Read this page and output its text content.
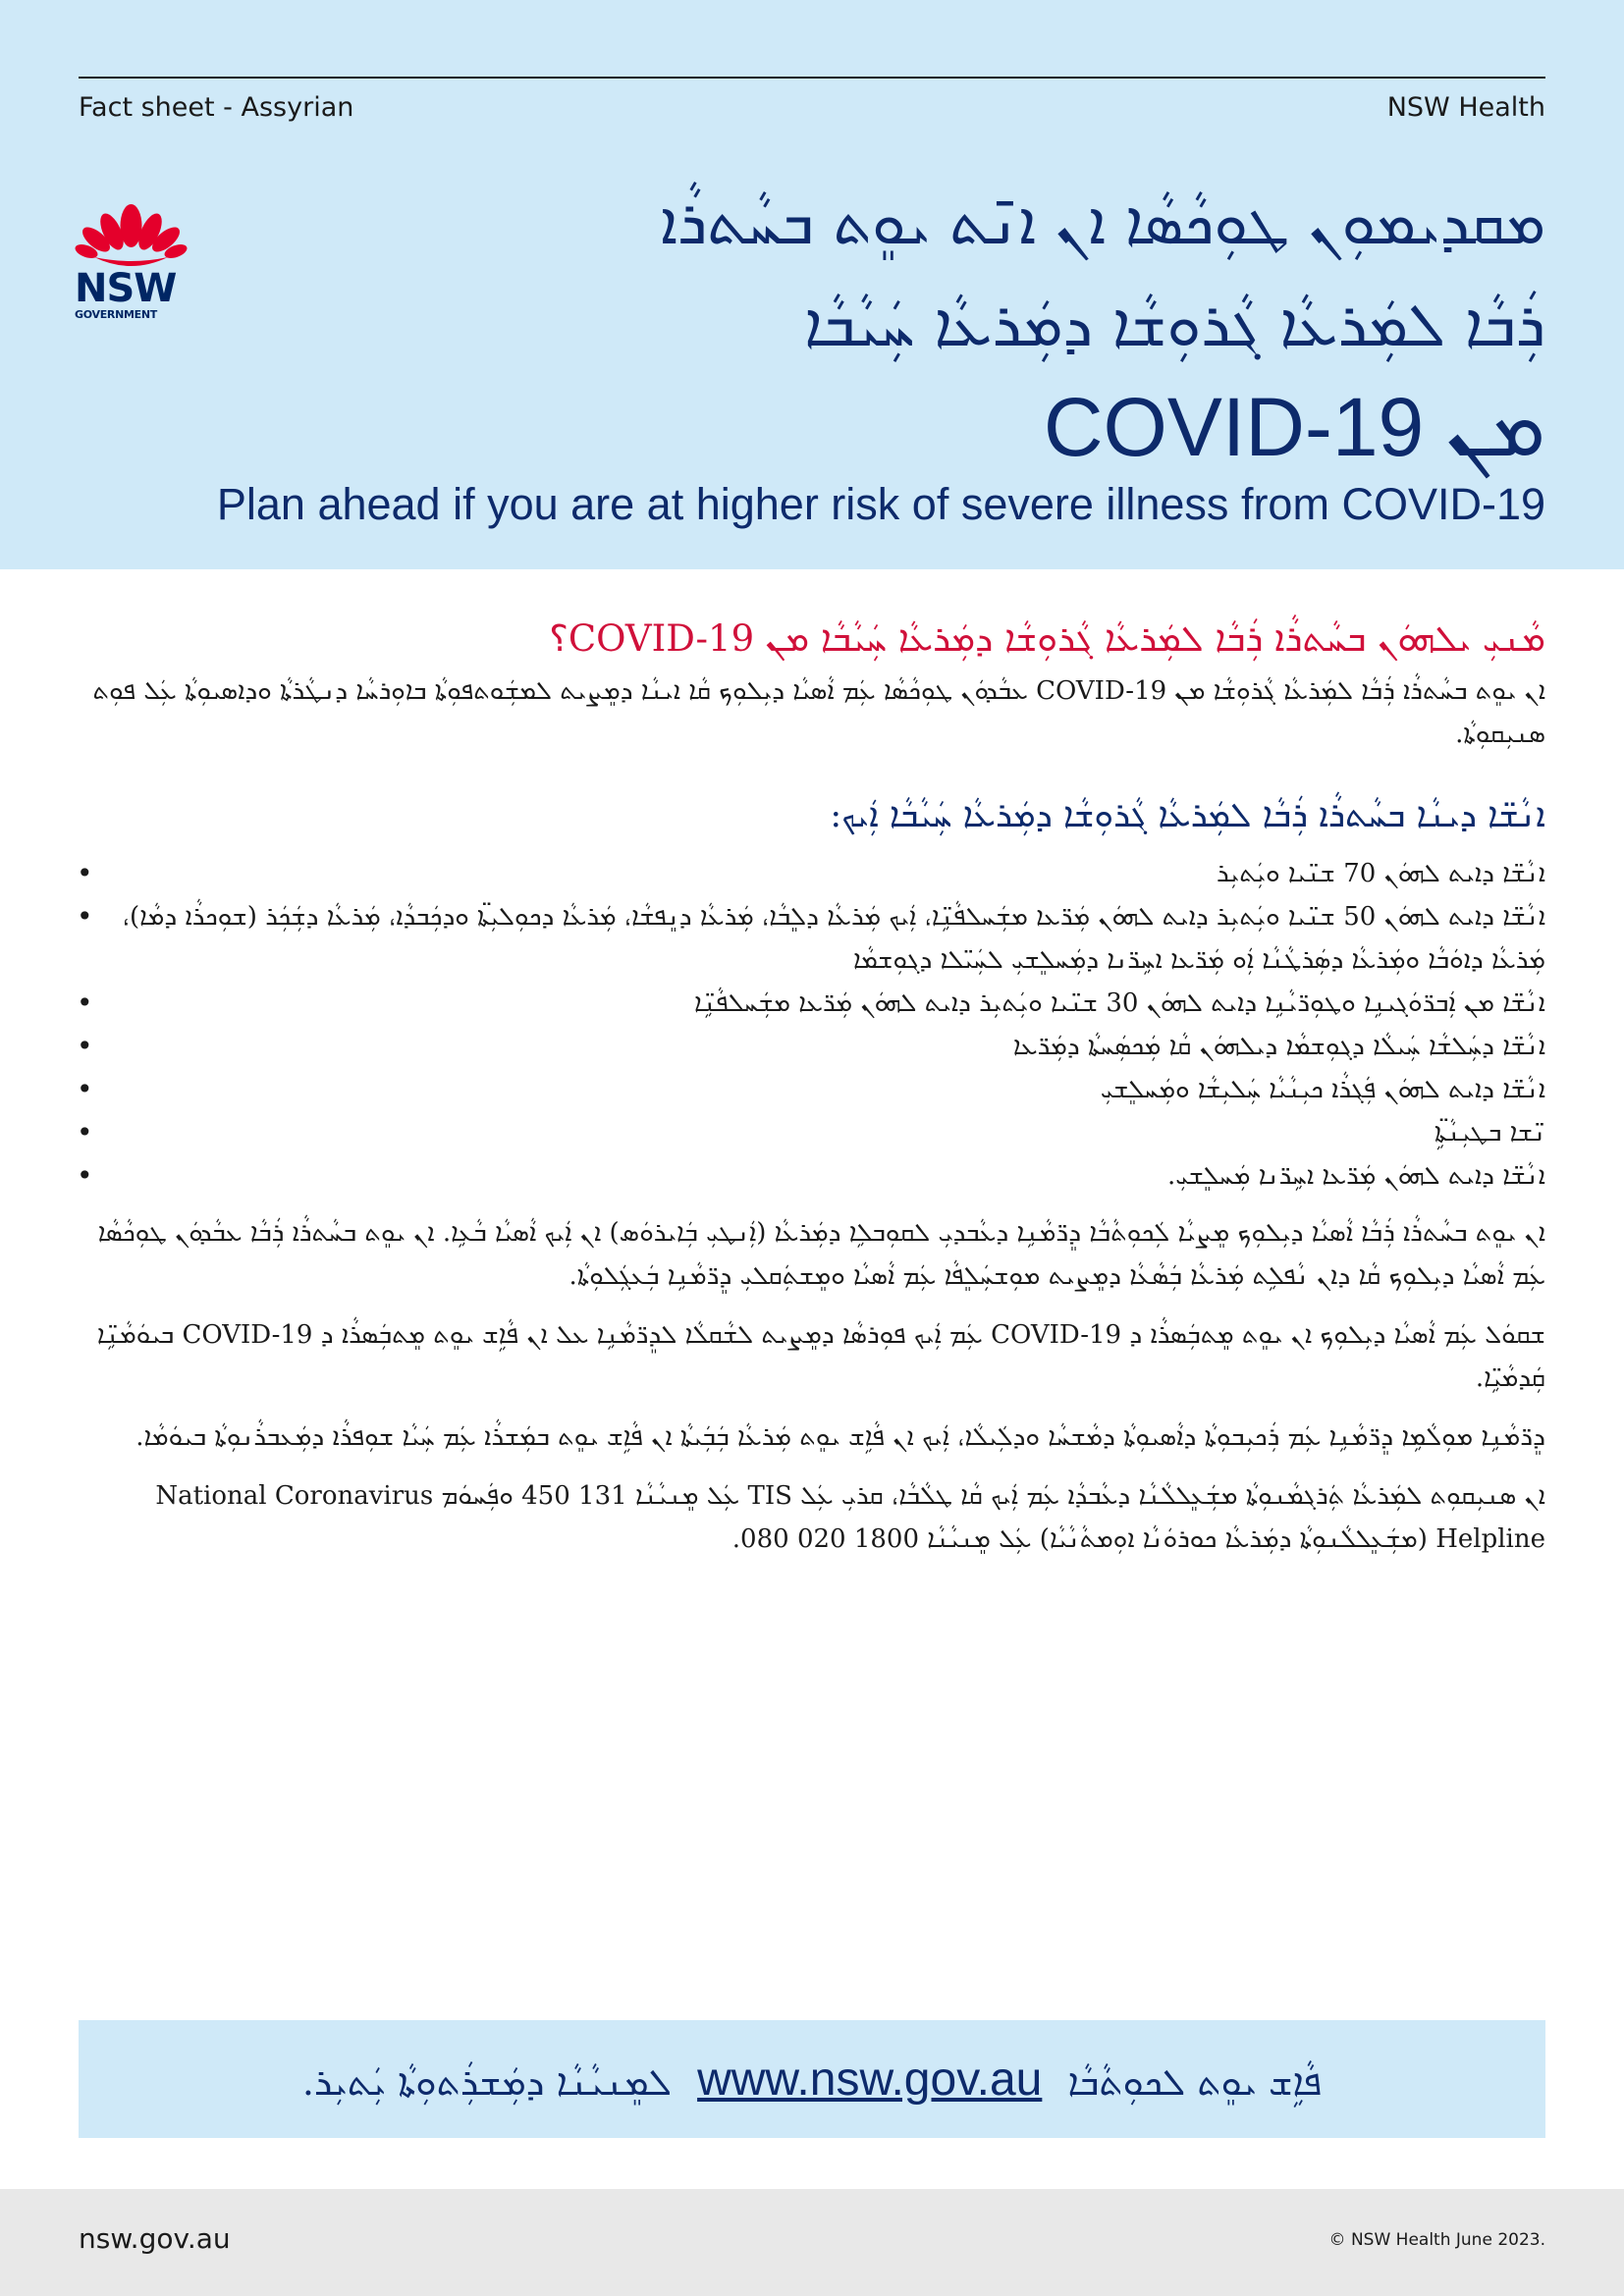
Fact sheet - Assyrian	NSW Health
NSW
GOVERNMENT
ܡܩܕܝܡܘܼܢ ܛܘܼܟܵܣܵܐ ܐܢ ܐܢ̄ܬ ܝܘܸܬ ܒܚܵܬܪܵܐ
ܪܲܒܵܐ ܠܡܲܪܥܵܐ ܓܵܪܘܼܫܵܐ ܕܡܲܪܥܵܐ ܚܲܝܵܒܵܐ
COVID-19 ܡܢ
Plan ahead if you are at higher risk of severe illness from COVID-19
ܡܵܢܝܼ ܝܠܗܘܿܢ ܒܚܵܬܪܵܐ ܪܲܒܵܐ ܠܡܲܪܥܵܐ ܓܵܪܘܼܫܵܐ ܕܡܲܪܥܵܐ ܚܲܝܵܒܵܐ ܡܢ COVID-19؟

ܐܢ ܝܘܸܬ ܒܚܵܬܪܵܐ ܪܲܒܵܐ ܠܡܲܪܥܵܐ ܓܵܪܘܼܫܵܐ ܡܢ COVID-19 ܥܒܵܕܘܿܢ ܛܘܼܟܵܣܵܐ ܥܲܡ ܐܵܣܝܵܐ ܕܝܼܠܘܼܟ ܩܵܐ ܐܝܢܵܐ ܕܡܸܨܝܬ ܠܡܫܲܘܬܦܘܼܬܵܐ ܒܐܘܼܪܚܵܐ ܕܢܛܵܪܬܵܐ ܘܕܐܣܝܘܼܬܵܐ ܥܲܠ ܦܘܼܬ ܣܢܝܼܩܘܼܬܵܐ.

ܐܢܵܫ̈ܐ ܕܝܢܵܐ ܒܚܵܬܪܵܐ ܪܲܒܵܐ ܠܡܲܪܥܵܐ ܓܵܪܘܼܫܵܐ ܕܡܲܪܥܵܐ ܚܲܝܵܒܵܐ ܐܲܝܟ:
ܐܢܵܫ̈ܐ ܕܐܝܬ ܠܗܘܿܢ 70 ܫܢ̈ܝܐ ܘܝܲܬܝܼܪ •
ܐܢܵܫ̈ܐ ܕܐܝܬ ܠܗܘܿܢ 50 ܫܢ̈ܝܐ ܘܝܲܬܝܼܪ ܕܐܝܬ ܠܗܘܿܢ ܡܲܪ̈ܥܐ ܡܫܲܚܠܦܵܢܹ̈ܐ، ܐܲܝܟ ܡܲܪܥܵܐ ܕܠܸܒܵܐ، ܡܲܪܥܵܐ ܕܢܸܦܫܵܐ، ܡܲܪܥܵܐ ܕܟܘܼܠܝܼܬ̈ܐ ܘܕܟܲܒܕܵܐ، ܡܲܪܥܵܐ ܕܫܲܟܲܪ (ܫܘܼܟܪܵܐ ܕܡܵܐ)، ܡܲܪܥܵܐ ܕܐܘܿܒܵܐ ܘܡܲܪܥܵܐ ܕܣܲܪܛܵܢܵܐ ܐܲܘ ܡܲܪ̈ܥܐ ܐܚܹܪ̈ܢܐ ܕܡܲܚܠܸܫܝܼ ܠܚܲܝ̈ܠܐ ܕܓܘܼܫܡܵܐ •
ܐܢܵܫ̈ܐ ܡܢ ܐܲܒܪ̈ܘܿܓܝܢܹܐ ܘܛܘܼܪ̈ܝܵܢܹܐ ܕܐܝܬ ܠܗܘܿܢ 30 ܫܢ̈ܝܐ ܘܝܲܬܝܼܪ ܕܐܝܬ ܠܗܘܿܢ ܡܲܪ̈ܥܐ ܡܫܲܚܠܦܵܢܹ̈ܐ •
ܐܢܵܫ̈ܐ ܕܚܲܠܫܵܐ ܚܲܝܠܵܐ ܕܓܘܼܫܡܵܐ ܕܝܠܗܘܿܢ ܩܵܐ ܡܲܟܣܲܚܬܵܐ ܕܡܲܪ̈ܥܐ •
ܐܢܵܫ̈ܐ ܕܐܝܬ ܠܗܘܿܢ ܦܲܓܪܵܐ ܟܝܼܢܵܝܵܐ ܚܲܠܝܼܫܵܐ ܘܡܲܚܠܸܫܝܼ •
ܢ̈ܫܐ ܒܛܝܼܢܵܬܹ̈ܐ •
ܐܢܵܫ̈ܐ ܕܐܝܬ ܠܗܘܿܢ ܡܲܪ̈ܥܐ ܐܚܹܪ̈ܢܐ ܡܲܚܠܸܫܝܼ. •

ܐܢ ܝܘܸܬ ܒܚܵܬܪܵܐ ܪܲܒܵܐ ܐܵܣܝܵܐ ܕܝܼܠܘܼܟ ܡܸܨܝܵܐ ܠܲܟܘܼܬܵܒܵܐ ܕܸܪ̈ܡܵܢܹܐ ܕܥܵܒܕܝܼ ܠܩܘܼܒܠܹܐ ܕܡܲܪܥܵܐ (ܐܲܢܛܝܼ ܒܲܐܝܪܘܿܣ) ܐܢ ܐܲܝܟ ܐܵܣܝܵܐ ܒܵܥܹܐ. ܐܢ ܝܘܸܬ ܒܚܵܬܪܵܐ ܪܲܒܵܐ ܥܒܵܕܘܿܢ ܛܘܼܟܵܣܵܐ ܥܲܡ ܐܵܣܝܵܐ ܕܝܼܠܘܼܟ ܩܵܐ ܕܐܢ ܢܵܦܠܹܬ ܡܲܪܥܵܐ ܒܲܣܵܥܵܐ ܕܡܸܨܝܬ ܡܘܼܫܚܲܠܸܦܵܐ ܥܲܡ ܐܵܣܝܵܐ ܘܡܸܫܬܲܩܠܝܼ ܕܸܪ̈ܡܵܢܹܐ ܒܲܥܓܲܠܘܼܬܵܐ.

ܫܩܘܿܠ ܥܲܡ ܐܵܣܝܵܐ ܕܝܼܠܘܼܟ ܐܢ ܝܘܸܬ ܡܸܬܒܲܣܪܵܐ ܕ COVID-19 ܥܲܡ ܐܲܝܟ ܦܘܼܪܣܵܐ ܕܡܸܨܝܬ ܠܫܵܩܠܵܐ ܠܕܸܪ̈ܡܵܢܹܐ ܥܠ ܐܢ ܦܵܐܹܫ ܝܘܸܬ ܡܸܬܒܲܣܪܵܐ ܕ COVID-19 ܒܝܘܿܡܵܢܹ̈ܐ ܩܲܕܡܵܝܹ̈ܐ.

ܕܸܪ̈ܡܵܢܹܐ ܡܘܼܠܵܡܹܐ ܕܸܪ̈ܡܵܢܹܐ ܥܲܡ ܪܲܟܝܼܒܘܼܬܵܐ ܕܐܵܣܝܘܼܬܵܐ ܕܡܵܫܚܵܐ ܘܕܠܲܝܠܵܐ، ܐܲܝܟ ܐܢ ܦܵܐܹܫ ܝܘܸܬ ܡܲܪܥܵܐ ܒܲܒܲܝܬܵܐ ܐܢ ܦܵܐܹܫ ܝܘܸܬ ܒܡܲܫܪܵܐ ܥܲܡ ܚܲܝܵܐ ܫܘܼܦܪܵܐ ܕܡܲܥܒܪܵܢܘܼܬܵܐ ܒܝܘܿܡܵܐ.

ܐܢ ܣܢܝܼܩܘܼܬ ܠܡܲܪܥܵܐ ܬܲܪܓܡܵܢܘܼܬܵܐ ܡܫܲܥܸܠܠܵܢܵܐ ܕܥܵܒܕܵܐ ܥܲܡ ܐܲܝܟ ܩܵܐ ܛܠܵܒܵܐ، ܩܪܝܼ ܥܲܠ TIS ܥܲܠ ܡܸܢܝܵܢܵܐ 131 450 ܘܦܲܚܘܿܡ National Coronavirus Helpline (ܡܫܲܥܸܠܠܵܢܘܼܬܵܐ ܕܡܲܪܥܵܐ ܟܘܪܘܿܢܵܐ ܐܘܼܡܬܵܢܵܝܵܐ) ܥܲܠ ܡܸܢܝܵܢܵܐ 1800 020 080.

ܦܵܐܹܫ ܝܘܸܬ ܠܟܘܼܬܵܒܵܐ www.nsw.gov.au ܠܡܸܢܝܵܢܵܐ ܕܡܲܫܪܲܬܘܼܬܵܐ ܝܲܬܝܼܪ.
nsw.gov.au	© NSW Health June 2023.
